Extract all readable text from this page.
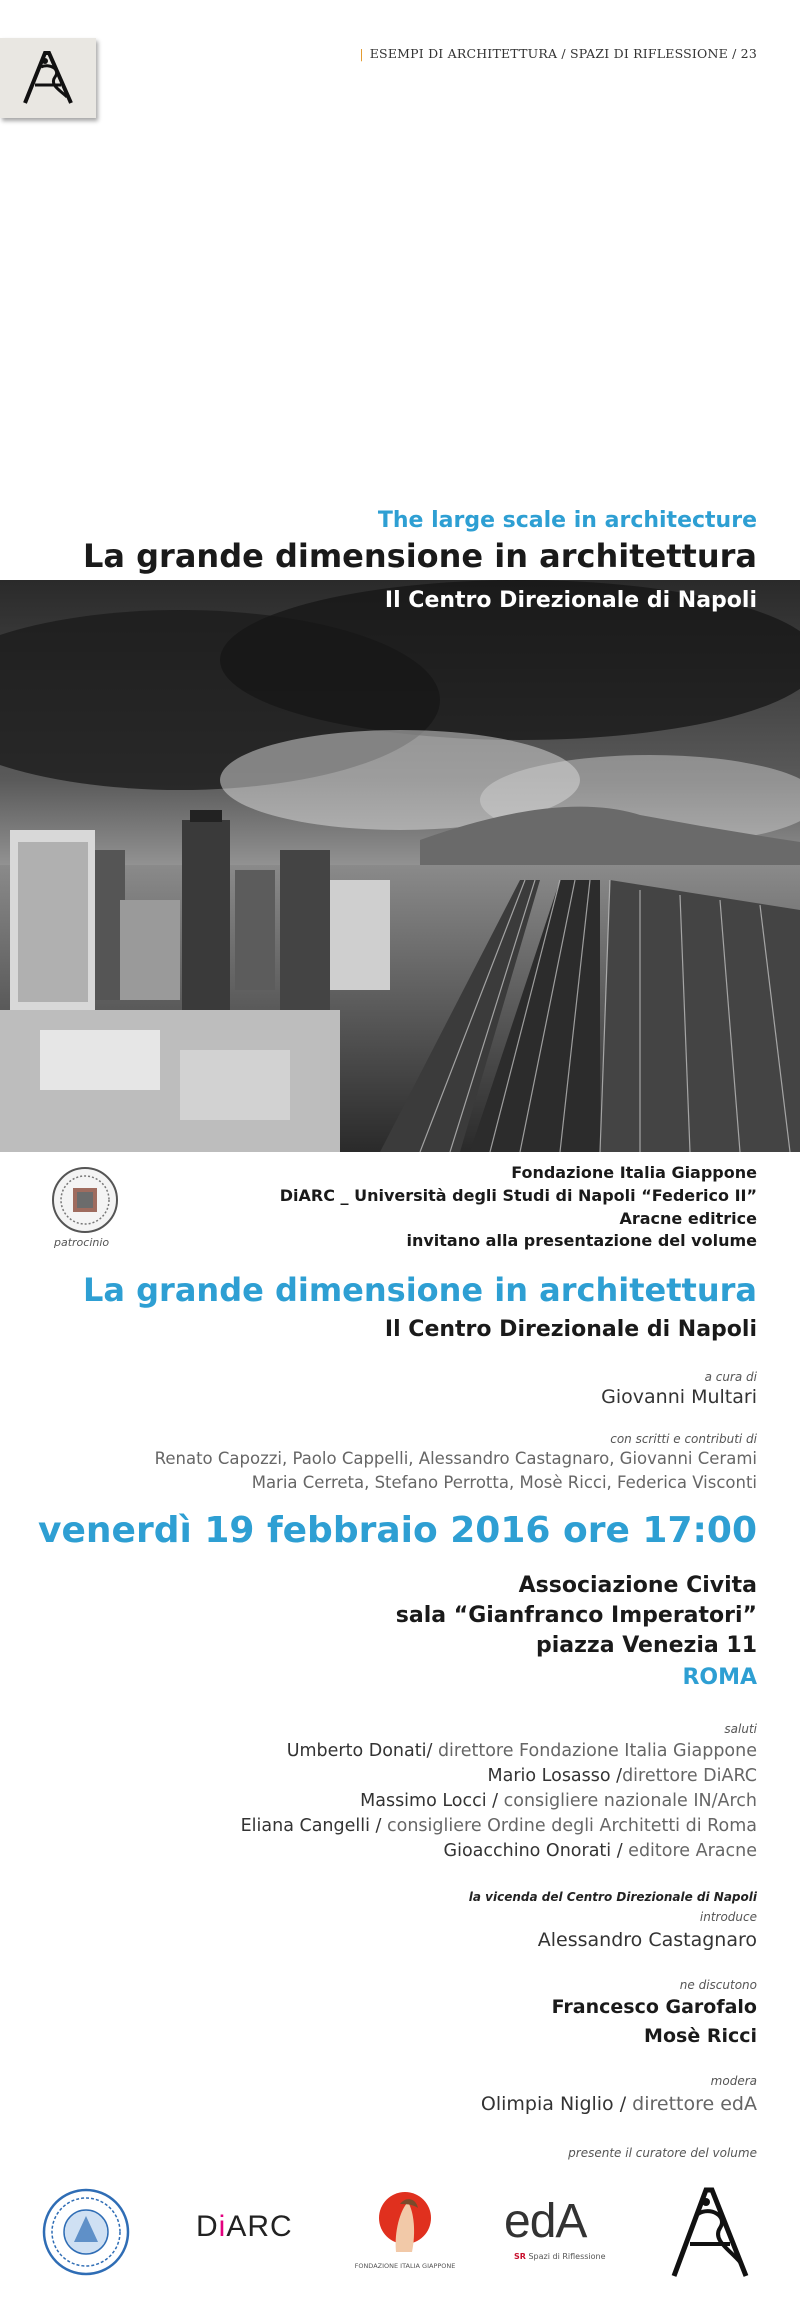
| ESEMPI DI ARCHITETTURA / SPAZI DI RIFLESSIONE / 23
The large scale in architecture
La grande dimensione in architettura
Il Centro Direzionale di Napoli
patrocinio
Fondazione Italia Giappone
DiARC _ Università degli Studi di Napoli “Federico II”
Aracne editrice
invitano alla presentazione del volume
La grande dimensione in architettura
Il Centro Direzionale di Napoli
a cura di
Giovanni Multari
con scritti e contributi di
Renato Capozzi, Paolo Cappelli, Alessandro Castagnaro, Giovanni Cerami
Maria Cerreta, Stefano Perrotta, Mosè Ricci, Federica Visconti
venerdì 19 febbraio 2016 ore 17:00
Associazione Civita
sala “Gianfranco Imperatori”
piazza Venezia 11
ROMA
saluti
Umberto Donati/ direttore Fondazione Italia Giappone
Mario Losasso /direttore DiARC
Massimo Locci / consigliere nazionale IN/Arch
Eliana Cangelli / consigliere Ordine degli Architetti di Roma
Gioacchino Onorati / editore Aracne
la vicenda del Centro Direzionale di Napoli
introduce
Alessandro Castagnaro
ne discutono
Francesco Garofalo
Mosè Ricci
modera
Olimpia Niglio / direttore edA
presente il curatore del volume
DiARC
FONDAZIONE ITALIA GIAPPONE
edA
SR Spazi di Riflessione
